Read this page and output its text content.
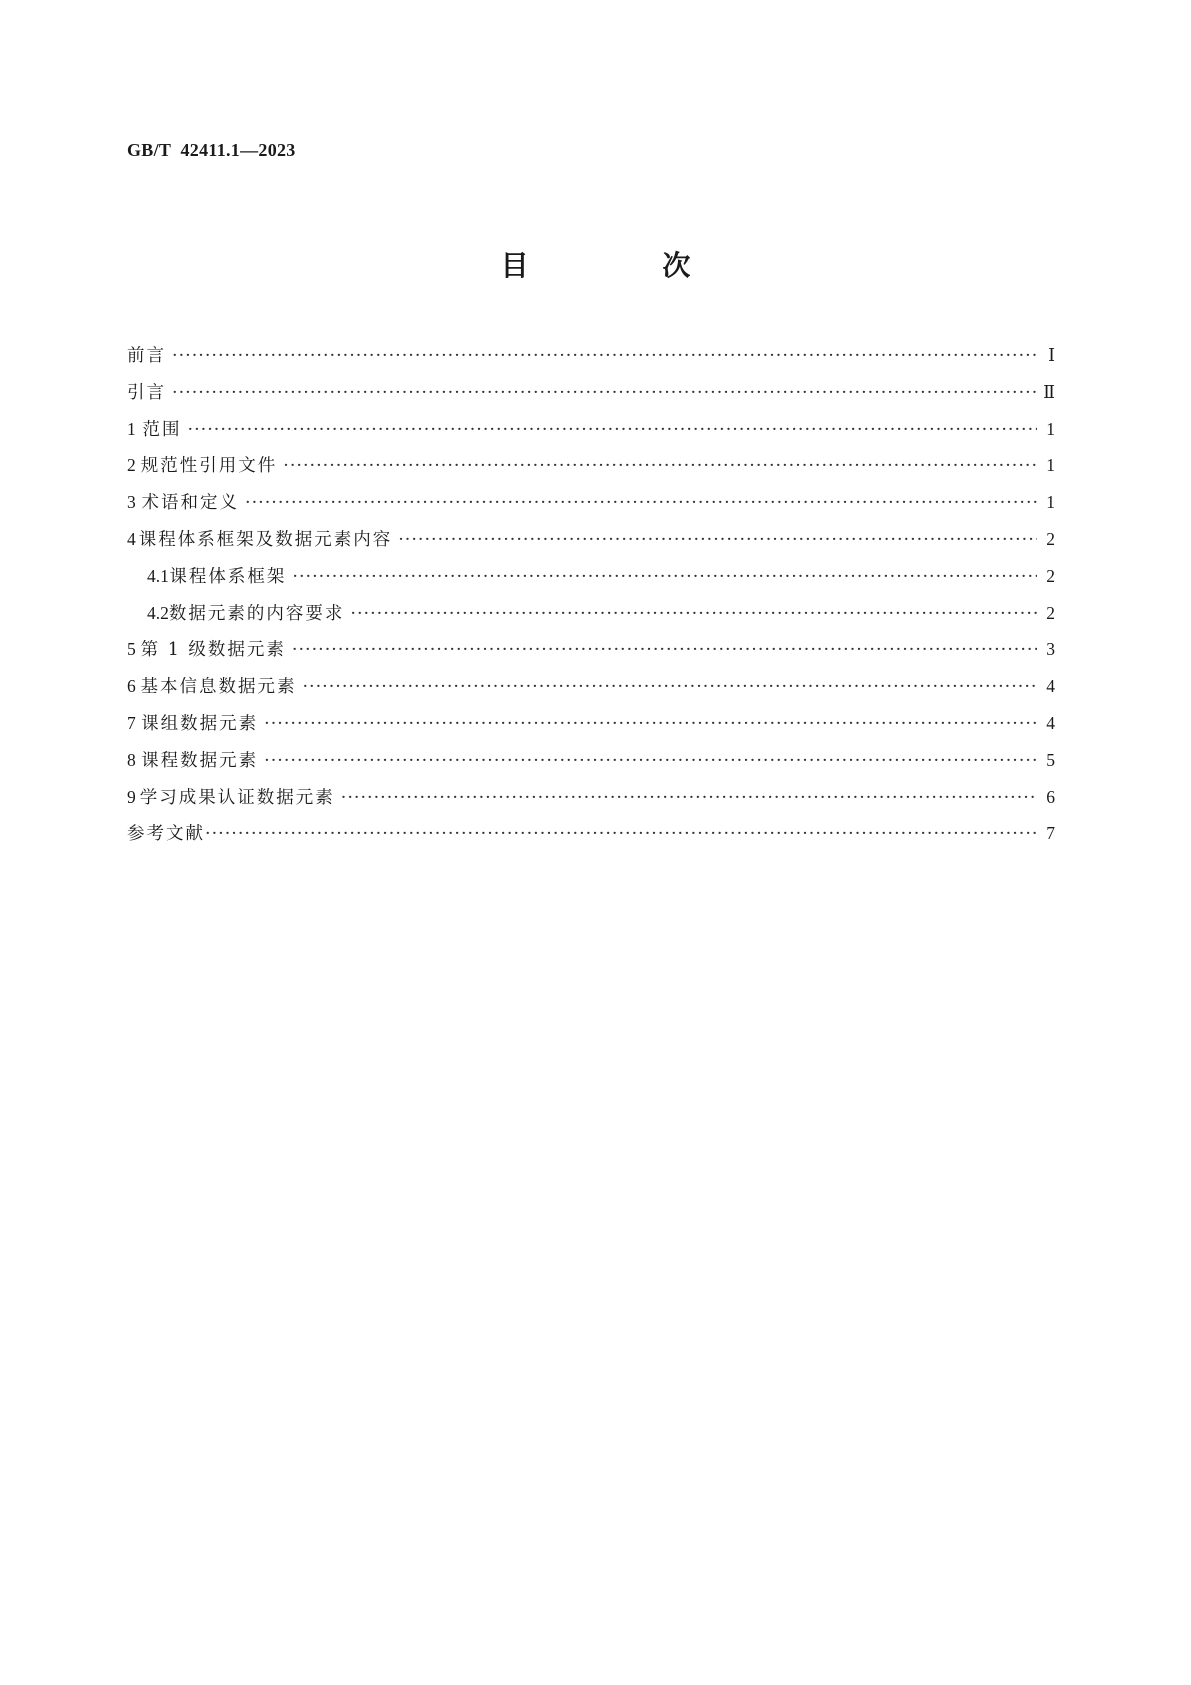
GB/T  42411.1—2023
目 次
前言 ·····	Ⅰ
引言 ·····	Ⅱ
1 范围 ·····	1
2 规范性引用文件 ·····	1
3 术语和定义 ·····	1
4 课程体系框架及数据元素内容 ·····	2
4.1 课程体系框架 ·····	2
4.2 数据元素的内容要求 ·····	2
5 第 1 级数据元素 ·····	3
6 基本信息数据元素 ·····	4
7 课组数据元素 ·····	4
8 课程数据元素 ·····	5
9 学习成果认证数据元素 ·····	6
参考文献 ·····	7
